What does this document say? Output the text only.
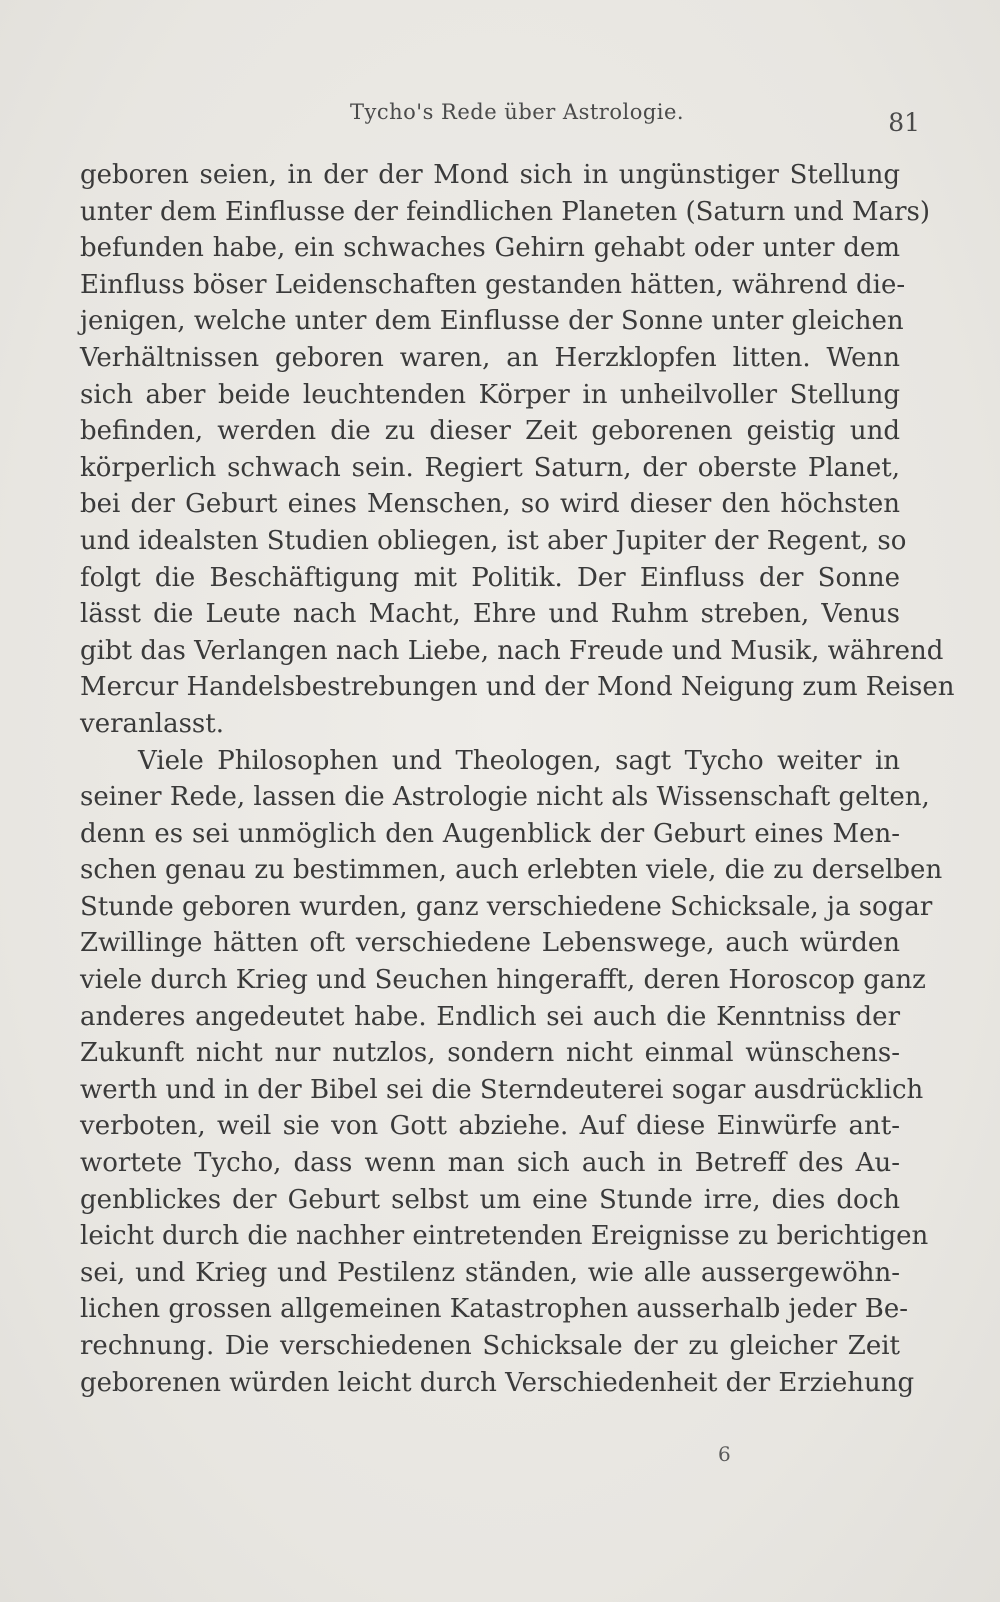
Tycho's Rede über Astrologie.	81
geboren seien, in der der Mond sich in ungünstiger Stellung
unter dem Einflusse der feindlichen Planeten (Saturn und Mars)
befunden habe, ein schwaches Gehirn gehabt oder unter dem
Einfluss böser Leidenschaften gestanden hätten, während die-
jenigen, welche unter dem Einflusse der Sonne unter gleichen
Verhältnissen geboren waren, an Herzklopfen litten. Wenn
sich aber beide leuchtenden Körper in unheilvoller Stellung
befinden, werden die zu dieser Zeit geborenen geistig und
körperlich schwach sein. Regiert Saturn, der oberste Planet,
bei der Geburt eines Menschen, so wird dieser den höchsten
und idealsten Studien obliegen, ist aber Jupiter der Regent, so
folgt die Beschäftigung mit Politik. Der Einfluss der Sonne
lässt die Leute nach Macht, Ehre und Ruhm streben, Venus
gibt das Verlangen nach Liebe, nach Freude und Musik, während
Mercur Handelsbestrebungen und der Mond Neigung zum Reisen
veranlasst.
Viele Philosophen und Theologen, sagt Tycho weiter in
seiner Rede, lassen die Astrologie nicht als Wissenschaft gelten,
denn es sei unmöglich den Augenblick der Geburt eines Men-
schen genau zu bestimmen, auch erlebten viele, die zu derselben
Stunde geboren wurden, ganz verschiedene Schicksale, ja sogar
Zwillinge hätten oft verschiedene Lebenswege, auch würden
viele durch Krieg und Seuchen hingerafft, deren Horoscop ganz
anderes angedeutet habe. Endlich sei auch die Kenntniss der
Zukunft nicht nur nutzlos, sondern nicht einmal wünschens-
werth und in der Bibel sei die Sterndeuterei sogar ausdrücklich
verboten, weil sie von Gott abziehe. Auf diese Einwürfe ant-
wortete Tycho, dass wenn man sich auch in Betreff des Au-
genblickes der Geburt selbst um eine Stunde irre, dies doch
leicht durch die nachher eintretenden Ereignisse zu berichtigen
sei, und Krieg und Pestilenz ständen, wie alle aussergewöhn-
lichen grossen allgemeinen Katastrophen ausserhalb jeder Be-
rechnung. Die verschiedenen Schicksale der zu gleicher Zeit
geborenen würden leicht durch Verschiedenheit der Erziehung
6
